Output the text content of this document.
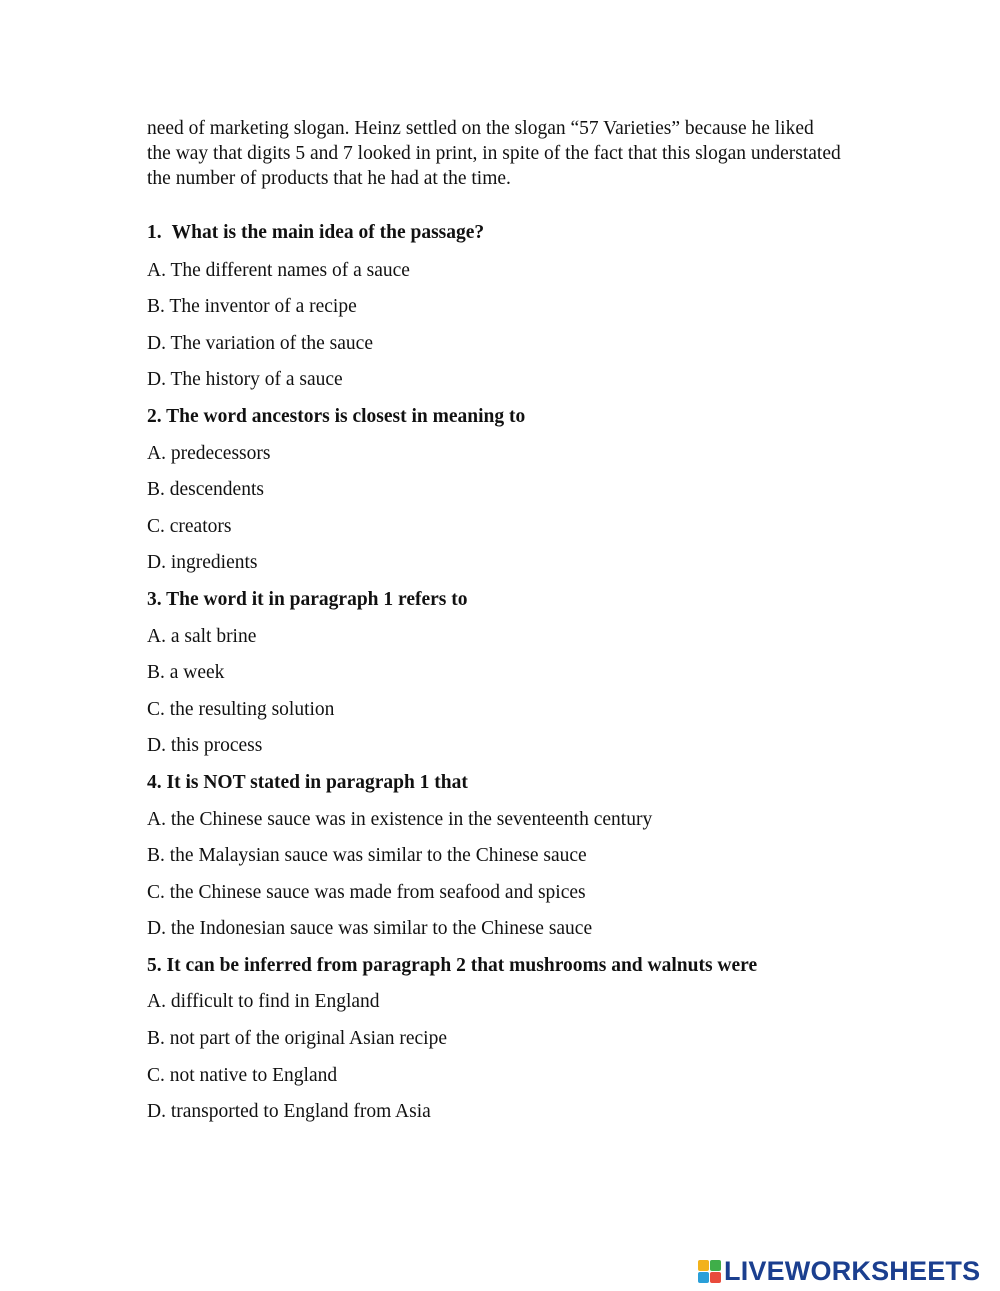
need of marketing slogan. Heinz settled on the slogan “57 Varieties” because he liked
the way that digits 5 and 7 looked in print, in spite of the fact that this slogan understated
the number of products that he had at the time.

1. What is the main idea of the passage?
A. The different names of a sauce
B. The inventor of a recipe
D. The variation of the sauce
D. The history of a sauce
2. The word ancestors is closest in meaning to
A. predecessors
B. descendents
C. creators
D. ingredients
3. The word it in paragraph 1 refers to
A. a salt brine
B. a week
C. the resulting solution
D. this process
4. It is NOT stated in paragraph 1 that
A. the Chinese sauce was in existence in the seventeenth century
B. the Malaysian sauce was similar to the Chinese sauce
C. the Chinese sauce was made from seafood and spices
D. the Indonesian sauce was similar to the Chinese sauce
5. It can be inferred from paragraph 2 that mushrooms and walnuts were
A. difficult to find in England
B. not part of the original Asian recipe
C. not native to England
D. transported to England from Asia
LIVEWORKSHEETS
